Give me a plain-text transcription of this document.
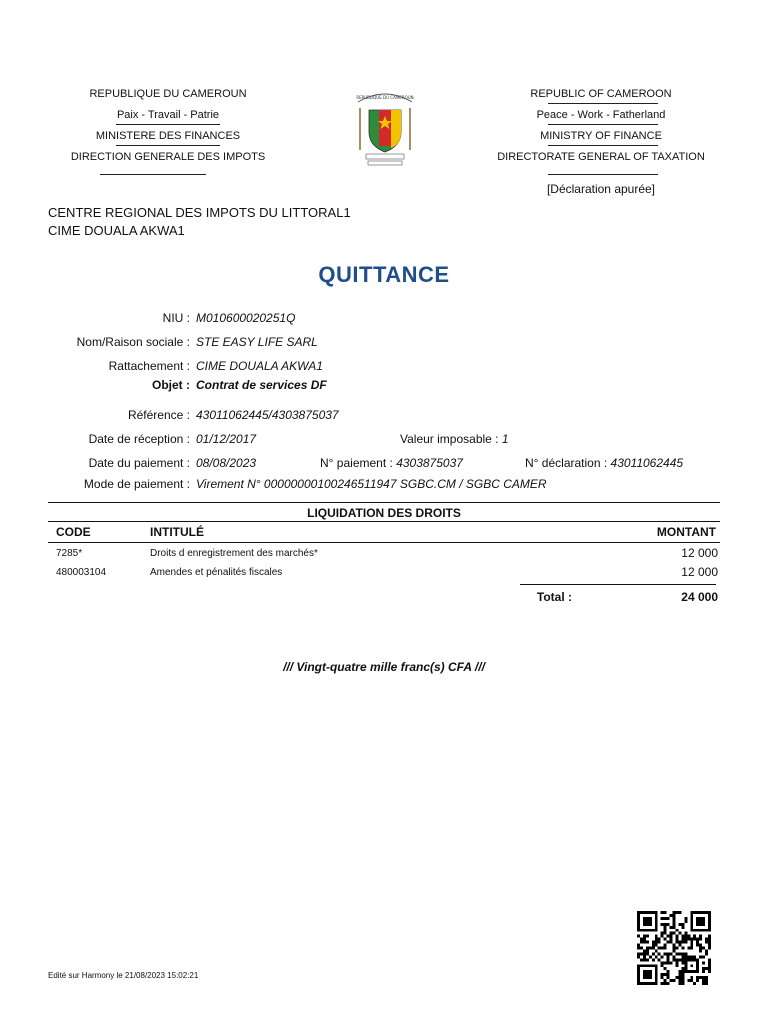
REPUBLIQUE DU CAMEROUN
Paix - Travail - Patrie
MINISTERE DES FINANCES
DIRECTION GENERALE DES IMPOTS
REPUBLIQUE DU CAMEROUN	REPUBLIC OF CAMEROON
Peace - Work - Fatherland
MINISTRY OF FINANCE
DIRECTORATE GENERAL OF TAXATION
[Déclaration apurée]
CENTRE REGIONAL DES IMPOTS DU LITTORAL1
CIME DOUALA AKWA1
QUITTANCE
NIU : M010600020251Q
Nom/Raison sociale : STE EASY LIFE SARL
Rattachement : CIME DOUALA AKWA1
Objet : Contrat de services DF
Référence : 43011062445/4303875037
Date de réception : 01/12/2017	Valeur imposable : 1
Date du paiement : 08/08/2023	N° paiement : 4303875037	N° déclaration : 43011062445
Mode de paiement : Virement N° 00000000100246511947 SGBC.CM / SGBC CAMER
LIQUIDATION DES DROITS
CODE	INTITULÉ	MONTANT
7285*	Droits d enregistrement des marchés*	12 000
480003104	Amendes et pénalités fiscales	12 000
Total :	24 000
/// Vingt-quatre mille franc(s) CFA ///
Edité sur Harmony le 21/08/2023 15:02:21
